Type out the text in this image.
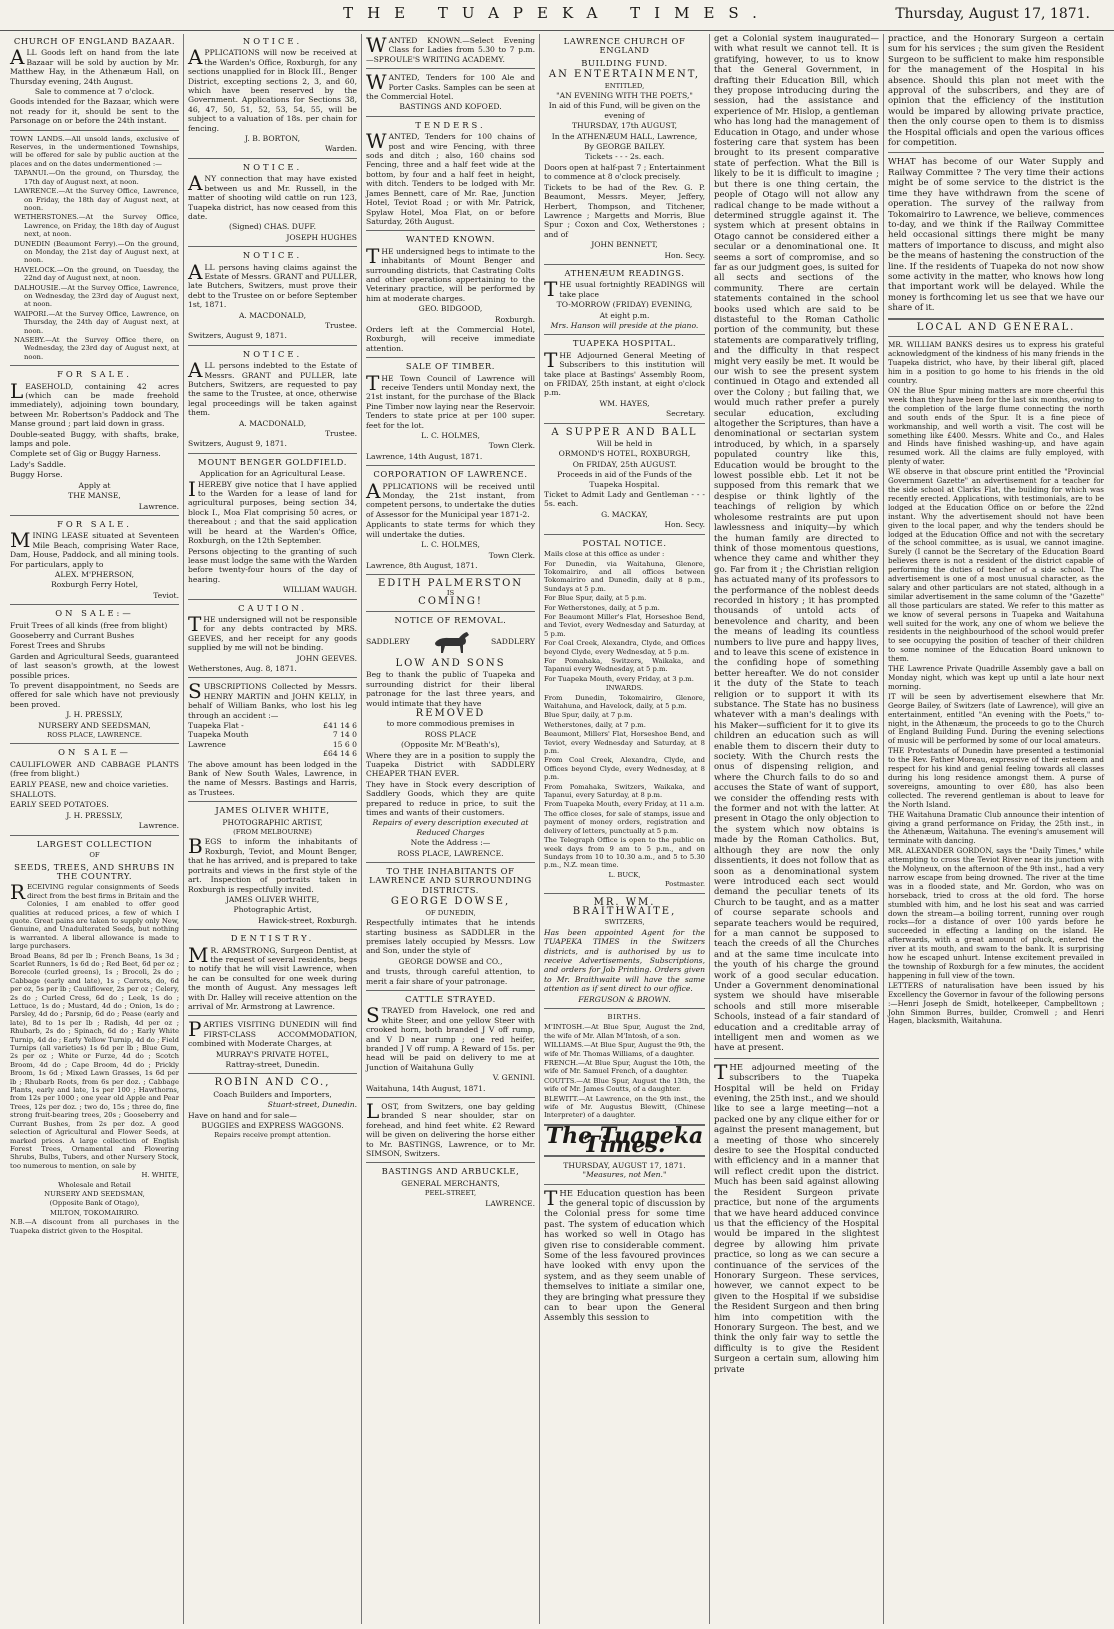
THE TUAPEKA TIMES.	Thursday, August 17, 1871.
CHURCH OF ENGLAND BAZAAR.

ALL Goods left on hand from the late Bazaar will be sold by auction by Mr. Matthew Hay, in the Athenæum Hall, on Thursday evening, 24th August.

Sale to commence at 7 o'clock.

Goods intended for the Bazaar, which were not ready for it, should be sent to the Parsonage on or before the 24th instant.

TOWN LANDS.—All unsold lands, exclusive of Reserves, in the undermentioned Townships, will be offered for sale by public auction at the places and on the dates undermentioned :—

TAPANUI.—On the ground, on Thursday, the 17th day of August next, at noon.

LAWRENCE.—At the Survey Office, Lawrence, on Friday, the 18th day of August next, at noon.

WETHERSTONES.—At the Survey Office, Lawrence, on Friday, the 18th day of August next, at noon.

DUNEDIN (Beaumont Ferry).—On the ground, on Monday, the 21st day of August next, at noon.

HAVELOCK.—On the ground, on Tuesday, the 22nd day of August next, at noon.

DALHOUSIE.—At the Survey Office, Lawrence, on Wednesday, the 23rd day of August next, at noon.

WAIPORI.—At the Survey Office, Lawrence, on Thursday, the 24th day of August next, at noon.

NASEBY.—At the Survey Office there, on Wednesday, the 23rd day of August next, at noon.

FOR SALE.

LEASEHOLD, containing 42 acres (which can be made freehold immediately), adjoining town boundary, between Mr. Robertson's Paddock and The Manse ground ; part laid down in grass.

Double-seated Buggy, with shafts, brake, lamps and pole.

Complete set of Gig or Buggy Harness.

Lady's Saddle.

Buggy Horse.

Apply at

THE MANSE,

Lawrence.

FOR SALE.

MINING LEASE situated at Seventeen Mile Beach, comprising Water Race, Dam, House, Paddock, and all mining tools. For particulars, apply to

ALEX. M'PHERSON,

Roxburgh Ferry Hotel,

Teviot.

ON SALE:—

Fruit Trees of all kinds (free from blight)

Gooseberry and Currant Bushes

Forest Trees and Shrubs

Garden and Agricultural Seeds, guaranteed of last season's growth, at the lowest possible prices.

To prevent disappointment, no Seeds are offered for sale which have not previously been proved.

J. H. PRESSLY,

NURSERY AND SEEDSMAN,

ROSS PLACE, LAWRENCE.

ON SALE—

CAULIFLOWER AND CABBAGE PLANTS (free from blight.)

EARLY PEASE, new and choice varieties.

SHALLOTS.

EARLY SEED POTATOES.

J. H. PRESSLY,

Lawrence.

LARGEST COLLECTION
OF
SEEDS, TREES, AND SHRUBS IN THE COUNTRY.

RECEIVING regular consignments of Seeds direct from the best firms in Britain and the Colonies, I am enabled to offer good qualities at reduced prices, a few of which I quote. Great pains are taken to supply only New, Genuine, and Unadulterated Seeds, but nothing is warranted. A liberal allowance is made to large purchasers.

Broad Beans, 8d per lb ; French Beans, 1s 3d ; Scarlet Runners, 1s 6d do ; Red Beet, 6d per oz ; Borecole (curled greens), 1s ; Brocoli, 2s do ; Cabbage (early and late), 1s ; Carrots, do, 6d per oz, 5s per lb ; Cauliflower, 2s per oz ; Celery, 2s do ; Curled Cress, 6d do ; Leek, 1s do ; Lettuce, 1s do ; Mustard, 4d do ; Onion, 1s do ; Parsley, 4d do ; Parsnip, 6d do ; Pease (early and late), 8d to 1s per lb ; Radish, 4d per oz ; Rhubarb, 2s do ; Spinach, 6d do ; Early White Turnip, 4d do ; Early Yellow Turnip, 4d do ; Field Turnips (all varieties) 1s 6d per lb ; Blue Gum, 2s per oz ; White or Furze, 4d do ; Scotch Broom, 4d do ; Cape Broom, 4d do ; Prickly Broom, 1s 6d ; Mixed Lawn Grasses, 1s 6d per lb ; Rhubarb Roots, from 6s per doz. ; Cabbage Plants, early and late, 1s per 100 ; Hawthorns, from 12s per 1000 ; one year old Apple and Pear Trees, 12s per doz. ; two do, 15s ; three do, fine strong fruit-bearing trees, 20s ; Gooseberry and Currant Bushes, from 2s per doz. A good selection of Agricultural and Flower Seeds, at marked prices. A large collection of English Forest Trees, Ornamental and Flowering Shrubs, Bulbs, Tubers, and other Nursery Stock, too numerous to mention, on sale by

H. WHITE,

Wholesale and Retail

NURSERY AND SEEDSMAN,

(Opposite Bank of Otago),

MILTON, TOKOMAIRIRO.

N.B.—A discount from all purchases in the Tuapeka district given to the Hospital.

NOTICE.

APPLICATIONS will now be received at the Warden's Office, Roxburgh, for any sections unapplied for in Block III., Benger District, excepting sections 2, 3, and 60, which have been reserved by the Government. Applications for Sections 38, 46, 47, 50, 51, 52, 53, 54, 55, will be subject to a valuation of 18s. per chain for fencing.

J. B. BORTON,

Warden.

NOTICE.

ANY connection that may have existed between us and Mr. Russell, in the matter of shooting wild cattle on run 123, Tuapeka district, has now ceased from this date.

(Signed) CHAS. DUFF.

JOSEPH HUGHES

NOTICE.

ALL persons having claims against the Estate of Messrs. GRANT and PULLER, late Butchers, Switzers, must prove their debt to the Trustee on or before September 1st, 1871.

A. MACDONALD,

Trustee.

Switzers, August 9, 1871.

NOTICE.

ALL persons indebted to the Estate of Messrs. GRANT and PULLER, late Butchers, Switzers, are requested to pay the same to the Trustee, at once, otherwise legal proceedings will be taken against them.

A. MACDONALD,

Trustee.

Switzers, August 9, 1871.

MOUNT BENGER GOLDFIELD.

Application for an Agricultural Lease.

IHEREBY give notice that I have applied to the Warden for a lease of land for agricultural purposes, being section 34, block I., Moa Flat comprising 50 acres, or thereabout ; and that the said application will be heard at the Warden's Office, Roxburgh, on the 12th September.

Persons objecting to the granting of such lease must lodge the same with the Warden before twenty-four hours of the day of hearing.

WILLIAM WAUGH.

CAUTION.

THE undersigned will not be responsible for any debts contracted by MRS. GEEVES, and her receipt for any goods supplied by me will not be binding.

JOHN GEEVES.

Wetherstones, Aug. 8, 1871.

SUBSCRIPTIONS Collected by Messrs. HENRY MARTIN and JOHN KELLY, in behalf of William Banks, who lost his leg through an accident :—

Tuapeka Flat -	£41 14 6
Tuapeka Mouth	7 14 0
Lawrence	15 6 0

£64 14 6

The above amount has been lodged in the Bank of New South Wales, Lawrence, in the name of Messrs. Bastings and Harris, as Trustees.

JAMES OLIVER WHITE,

PHOTOGRAPHIC ARTIST,

(FROM MELBOURNE)

BEGS to inform the inhabitants of Roxburgh, Teviot, and Mount Benger, that he has arrived, and is prepared to take portraits and views in the first style of the art. Inspection of portraits taken in Roxburgh is respectfully invited.

JAMES OLIVER WHITE,

Photographic Artist,

Hawick-street, Roxburgh.

DENTISTRY.

MR. ARMSTRONG, Surgeon Dentist, at the request of several residents, begs to notify that he will visit Lawrence, when he can be consulted for one week during the month of August. Any messages left with Dr. Halley will receive attention on the arrival of Mr. Armstrong at Lawrence.

PARTIES VISITING DUNEDIN will find FIRST-CLASS ACCOMMODATION, combined with Moderate Charges, at

MURRAY'S PRIVATE HOTEL,

Rattray-street, Dunedin.

ROBIN AND CO.,

Coach Builders and Importers,

Stuart-street, Dunedin.

Have on hand and for sale—

BUGGIES and EXPRESS WAGGONS.

Repairs receive prompt attention.

WANTED KNOWN.—Select Evening Class for Ladies from 5.30 to 7 p.m. —SPROULE'S WRITING ACADEMY.

WANTED, Tenders for 100 Ale and Porter Casks. Samples can be seen at the Commercial Hotel.

BASTINGS AND KOFOED.

TENDERS.

WANTED, Tenders for 100 chains of post and wire Fencing, with three sods and ditch ; also, 160 chains sod Fencing, three and a half feet wide at the bottom, by four and a half feet in height, with ditch. Tenders to be lodged with Mr. James Bennett, care of Mr. Rae, Junction Hotel, Teviot Road ; or with Mr. Patrick, Spylaw Hotel, Moa Flat, on or before Saturday, 26th August.

WANTED KNOWN.

THE undersigned begs to intimate to the inhabitants of Mount Benger and surrounding districts, that Castrating Colts and other operations appertaining to the Veterinary practice, will be performed by him at moderate charges.

GEO. BIDGOOD,

Roxburgh.

Orders left at the Commercial Hotel, Roxburgh, will receive immediate attention.

SALE OF TIMBER.

THE Town Council of Lawrence will receive Tenders until Monday next, the 21st instant, for the purchase of the Black Pine Timber now laying near the Reservoir. Tenders to state price at per 100 super. feet for the lot.

L. C. HOLMES,

Town Clerk.

Lawrence, 14th August, 1871.

CORPORATION OF LAWRENCE.

APPLICATIONS will be received until Monday, the 21st instant, from competent persons, to undertake the duties of Assessor for the Municipal year 1871-2.

Applicants to state terms for which they will undertake the duties.

L. C. HOLMES,

Town Clerk.

Lawrence, 8th August, 1871.

EDITH PALMERSTON
IS
COMING!
NOTICE OF REMOVAL.
SADDLERY	SADDLERY
LOW AND SONS

Beg to thank the public of Tuapeka and surrounding district for their liberal patronage for the last three years, and would intimate that they have

REMOVED

to more commodious premises in

ROSS PLACE

(Opposite Mr. M'Beath's),

Where they are in a position to supply the Tuapeka District with SADDLERY CHEAPER THAN EVER.

They have in Stock every description of Saddlery Goods, which they are quite prepared to reduce in price, to suit the times and wants of their customers.

Repairs of every description executed at Reduced Charges

Note the Address :—

ROSS PLACE, LAWRENCE.

TO THE INHABITANTS OF LAWRENCE AND SURROUNDING DISTRICTS.
GEORGE DOWSE,

OF DUNEDIN,

Respectfully intimates that he intends starting business as SADDLER in the premises lately occupied by Messrs. Low and Son, under the style of

GEORGE DOWSE and CO.,

and trusts, through careful attention, to merit a fair share of your patronage.

CATTLE STRAYED.

STRAYED from Havelock, one red and white Steer, and one yellow Steer with crooked horn, both branded J V off rump, and V D near rump ; one red heifer, branded J V off rump. A Reward of 15s. per head will be paid on delivery to me at Junction of Waitahuna Gully

V. GENINI.

Waitahuna, 14th August, 1871.

LOST, from Switzers, one bay gelding branded S near shoulder, star on forehead, and hind feet white. £2 Reward will be given on delivering the horse either to Mr. BASTINGS, Lawrence, or to Mr. SIMSON, Switzers.

BASTINGS AND ARBUCKLE,

GENERAL MERCHANTS,

PEEL-STREET,

LAWRENCE.

LAWRENCE CHURCH OF ENGLAND
BUILDING FUND.
AN ENTERTAINMENT,

ENTITLED,

"AN EVENING WITH THE POETS,"

In aid of this Fund, will be given on the evening of

THURSDAY, 17th AUGUST,

In the ATHENÆUM HALL, Lawrence,

By GEORGE BAILEY.

Tickets - - - 2s. each.

Doors open at half-past 7 ; Entertainment to commence at 8 o'clock precisely.

Tickets to be had of the Rev. G. P. Beaumont, Messrs. Meyer, Jeffery, Herbert, Thompson, and Titchener, Lawrence ; Margetts and Morris, Blue Spur ; Coxon and Cox, Wetherstones ; and of

JOHN BENNETT,

Hon. Secy.

ATHENÆUM READINGS.

THE usual fortnightly READINGS will take place

TO-MORROW (FRIDAY) EVENING,

At eight p.m.

Mrs. Hanson will preside at the piano.

TUAPEKA HOSPITAL.

THE Adjourned General Meeting of Subscribers to this institution will take place at Bastings' Assembly Room, on FRIDAY, 25th instant, at eight o'clock p.m.

WM. HAYES,

Secretary.

A SUPPER AND BALL

Will be held in

ORMOND'S HOTEL, ROXBURGH,

On FRIDAY, 25th AUGUST.

Proceeds in aid of the Funds of the Tuapeka Hospital.

Ticket to Admit Lady and Gentleman - - - 5s. each.

G. MACKAY,

Hon. Secy.

POSTAL NOTICE.

Mails close at this office as under :

For Dunedin, via Waitahuna, Glenore, Tokomairiro, and all offices between Tokomairiro and Dunedin, daily at 8 p.m., Sundays at 5 p.m.

For Blue Spur, daily, at 5 p.m.

For Wetherstones, daily, at 5 p.m.

For Beaumont Miller's Flat, Horseshoe Bend, and Teviot, every Wednesday and Saturday, at 5 p.m.

For Coal Creek, Alexandra, Clyde, and Offices beyond Clyde, every Wednesday, at 5 p.m.

For Pomahaka, Switzers, Waikaka, and Tapanui every Wednesday, at 5 p.m.

For Tuapeka Mouth, every Friday, at 3 p.m.

INWARDS.

From Dunedin, Tokomairiro, Glenore, Waitahuna, and Havelock, daily, at 5 p.m.

Blue Spur, daily, at 7 p.m.

Wetherstones, daily, at 7 p.m.

Beaumont, Millers' Flat, Horseshoe Bend, and Teviot, every Wednesday and Saturday, at 8 p.m.

From Coal Creek, Alexandra, Clyde, and Offices beyond Clyde, every Wednesday, at 8 p.m.

From Pomahaka, Switzers, Waikaka, and Tapanui, every Saturday, at 8 p.m.

From Tuapeka Mouth, every Friday, at 11 a.m.

The office closes, for sale of stamps, issue and payment of money orders, registration and delivery of letters, punctually at 5 p.m.

The Telegraph Office is open to the public on week days from 9 am to 5 p.m., and on Sundays from 10 to 10.30 a.m., and 5 to 5.30 p.m., N.Z. mean time.

L. BUCK,

Postmaster.

MR. WM. BRAITHWAITE,

SWITZERS,

Has been appointed Agent for the TUAPEKA TIMES in the Switzers districts, and is authorised by us to receive Advertisements, Subscriptions, and orders for Job Printing. Orders given to Mr. Braithwaite will have the same attention as if sent direct to our office.

FERGUSON & BROWN.

BIRTHS.

M'INTOSH.—At Blue Spur, August the 2nd, the wife of Mr. Allan M'Intosh, of a son.

WILLIAMS.—At Blue Spur, August the 9th, the wife of Mr. Thomas Williams, of a daughter.

FRENCH.—At Blue Spur, August the 10th, the wife of Mr. Samuel French, of a daughter.

COUTTS.—At Blue Spur, August the 13th, the wife of Mr. James Coutts, of a daughter.

BLEWITT.—At Lawrence, on the 9th inst., the wife of Mr. Augustus Blewitt, (Chinese Interpreter) of a daughter.

The Tuapeka Times.
THURSDAY, AUGUST 17, 1871.
"Measures, not Men."

THE Education question has been the general topic of discussion by the Colonial press for some time past. The system of education which has worked so well in Otago has given rise to considerable comment. Some of the less favoured provinces have looked with envy upon the system, and as they seem unable of themselves to initiate a similar one, they are bringing what pressure they can to bear upon the General Assembly this session to

get a Colonial system inaugurated—with what result we cannot tell. It is gratifying, however, to us to know that the General Government, in drafting their Education Bill, which they propose introducing during the session, had the assistance and experience of Mr. Hislop, a gentleman who has long had the management of Education in Otago, and under whose fostering care that system has been brought to its present comparative state of perfection. What the Bill is likely to be it is difficult to imagine ; but there is one thing certain, the people of Otago will not allow any radical change to be made without a determined struggle against it. The system which at present obtains in Otago cannot be considered either a secular or a denominational one. It seems a sort of compromise, and so far as our judgment goes, is suited for all sects and sections of the community. There are certain statements contained in the school books used which are said to be distasteful to the Roman Catholic portion of the community, but these statements are comparatively trifling, and the difficulty in that respect might very easily be met. It would be our wish to see the present system continued in Otago and extended all over the Colony ; but failing that, we would much rather prefer a purely secular education, excluding altogether the Scriptures, than have a denominational or sectarian system introduced, by which, in a sparsely populated country like this, Education would be brought to the lowest possible ebb. Let it not be supposed from this remark that we despise or think lightly of the teachings of religion by which wholesome restraints are put upon lawlessness and iniquity—by which the human family are directed to think of those momentous questions, whence they came and whither they go. Far from it ; the Christian religion has actuated many of its professors to the performance of the noblest deeds recorded in history ; it has prompted thousands of untold acts of benevolence and charity, and been the means of leading its countless numbers to live pure and happy lives, and to leave this scene of existence in the confiding hope of something better hereafter. We do not consider it the duty of the State to teach religion or to support it with its substance. The State has no business whatever with a man's dealings with his Maker—sufficient for it to give its children an education such as will enable them to discern their duty to society. With the Church rests the onus of dispensing religion, and where the Church fails to do so and accuses the State of want of support, we consider the offending rests with the former and not with the latter. At present in Otago the only objection to the system which now obtains is made by the Roman Catholics. But, although they are now the only dissentients, it does not follow that as soon as a denominational system were introduced each sect would demand the peculiar tenets of its Church to be taught, and as a matter of course separate schools and separate teachers would be required, for a man cannot be supposed to teach the creeds of all the Churches and at the same time inculcate into the youth of his charge the ground work of a good secular education. Under a Government denominational system we should have miserable schools and still more miserable Schools, instead of a fair standard of education and a creditable array of intelligent men and women as we have at present.

THE adjourned meeting of the subscribers to the Tuapeka Hospital will be held on Friday evening, the 25th inst., and we should like to see a large meeting—not a packed one by any clique either for or against the present management, but a meeting of those who sincerely desire to see the Hospital conducted with efficiency and in a manner that will reflect credit upon the district. Much has been said against allowing the Resident Surgeon private practice, but none of the arguments that we have heard adduced convince us that the efficiency of the Hospital would be impared in the slightest degree by allowing him private practice, so long as we can secure a continuance of the services of the Honorary Surgeon. These services, however, we cannot expect to be given to the Hospital if we subsidise the Resident Surgeon and then bring him into competition with the Honorary Surgeon. The best, and we think the only fair way to settle the difficulty is to give the Resident Surgeon a certain sum, allowing him private

practice, and the Honorary Surgeon a certain sum for his services ; the sum given the Resident Surgeon to be sufficient to make him responsible for the management of the Hospital in his absence. Should this plan not meet with the approval of the subscribers, and they are of opinion that the efficiency of the institution would be impared by allowing private practice, then the only course open to them is to dismiss the Hospital officials and open the various offices for competition.

WHAT has become of our Water Supply and Railway Committee ? The very time their actions might be of some service to the district is the time they have withdrawn from the scene of operation. The survey of the railway from Tokomairiro to Lawrence, we believe, commences to-day, and we think if the Railway Committee held occasional sittings there might be many matters of importance to discuss, and might also be the means of hastening the construction of the line. If the residents of Tuapeka do not now show some activity in the matter, who knows how long that important work will be delayed. While the money is forthcoming let us see that we have our share of it.

LOCAL AND GENERAL.

MR. WILLIAM BANKS desires us to express his grateful acknowledgment of the kindness of his many friends in the Tuapeka district, who have, by their liberal gift, placed him in a position to go home to his friends in the old country.

ON the Blue Spur mining matters are more cheerful this week than they have been for the last six months, owing to the completion of the large flume connecting the north and south ends of the Spur. It is a fine piece of workmanship, and well worth a visit. The cost will be something like £400. Messrs. White and Co., and Hales and Hinds have finished washing-up, and have again resumed work. All the claims are fully employed, with plenty of water.

WE observe in that obscure print entitled the "Provincial Government Gazette" an advertisement for a teacher for the side school at Clarks Flat, the building for which was recently erected. Applications, with testimonials, are to be lodged at the Education Office on or before the 22nd instant. Why the advertisement should not have been given to the local paper, and why the tenders should be lodged at the Education Office and not with the secretary of the school committee, as is usual, we cannot imagine. Surely (I cannot be the Secretary of the Education Board believes there is not a resident of the district capable of performing the duties of teacher of a side school. The advertisement is one of a most unusual character, as the salary and other particulars are not stated, although in a similar advertisement in the same column of the "Gazette" all those particulars are stated. We refer to this matter as we know of several persons in Tuapeka and Waitahuna well suited for the work, any one of whom we believe the residents in the neighbourhood of the school would prefer to see occupying the position of teacher of their children to some nominee of the Education Board unknown to them.

THE Lawrence Private Quadrille Assembly gave a ball on Monday night, which was kept up until a late hour next morning.

IT will be seen by advertisement elsewhere that Mr. George Bailey, of Switzers (late of Lawrence), will give an entertainment, entitled "An evening with the Poets," to-night, in the Athenæum, the proceeds to go to the Church of England Building Fund. During the evening selections of music will be performed by some of our local amateurs.

THE Protestants of Dunedin have presented a testimonial to the Rev. Father Moreau, expressive of their esteem and respect for his kind and genial feeling towards all classes during his long residence amongst them. A purse of sovereigns, amounting to over £80, has also been collected. The reverend gentleman is about to leave for the North Island.

THE Waitahuna Dramatic Club announce their intention of giving a grand performance on Friday, the 25th inst., in the Athenæum, Waitahuna. The evening's amusement will terminate with dancing.

MR. ALEXANDER GORDON, says the "Daily Times," while attempting to cross the Teviot River near its junction with the Molyneux, on the afternoon of the 9th inst., had a very narrow escape from being drowned. The river at the time was in a flooded state, and Mr. Gordon, who was on horseback, tried to cross at the old ford. The horse stumbled with him, and he lost his seat and was carried down the stream—a boiling torrent, running over rough rocks—for a distance of over 100 yards before he succeeded in effecting a landing on the island. He afterwards, with a great amount of pluck, entered the river at its mouth, and swam to the bank. It is surprising how he escaped unhurt. Intense excitement prevailed in the township of Roxburgh for a few minutes, the accident happening in full view of the town.

LETTERS of naturalisation have been issued by his Excellency the Governor in favour of the following persons :—Henri Joseph de Smidt, hotelkeeper, Campbelltown ; John Simmon Burres, builder, Cromwell ; and Henri Hagen, blacksmith, Waitahuna.
